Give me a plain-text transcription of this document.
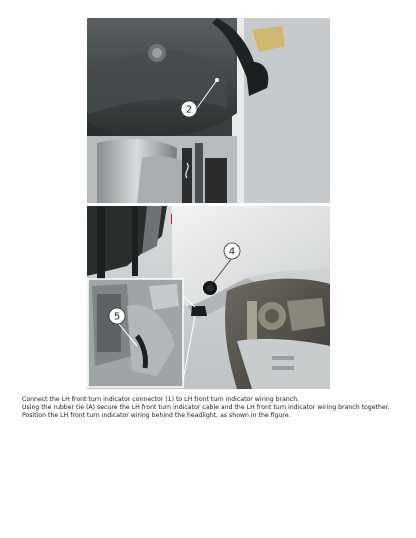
2
4
5

Connect the LH front turn indicator connector (1) to LH front turn indicator wiring branch.

Using the rubber tie (A) secure the LH front turn indicator cable and the LH front turn indicator wiring branch together.

Position the LH front turn indicator wiring behind the headlight, as shown in the figure.
